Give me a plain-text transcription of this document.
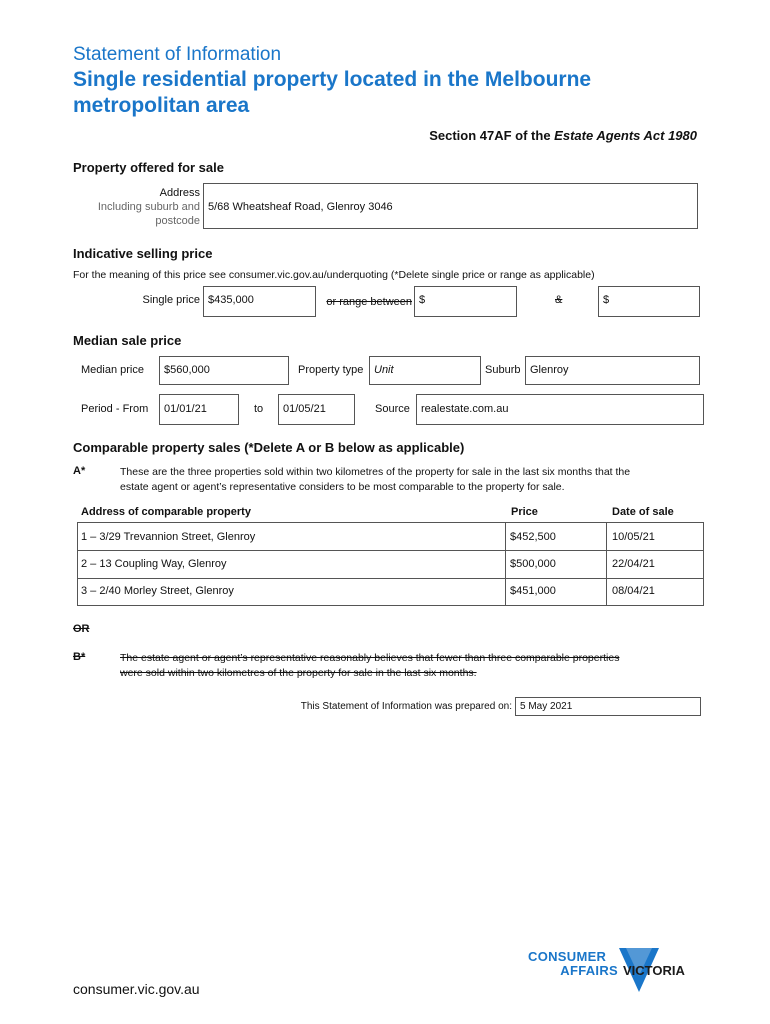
Statement of Information
Single residential property located in the Melbourne
metropolitan area
Section 47AF of the Estate Agents Act 1980
Property offered for sale
Address
Including suburb and
postcode
5/68 Wheatsheaf Road, Glenroy 3046
Indicative selling price
For the meaning of this price see consumer.vic.gov.au/underquoting (*Delete single price or range as applicable)
Single price $435,000	or range between $	&	$
Median sale price
Median price $560,000	Property type Unit	Suburb Glenroy
Period - From 01/01/21	to 01/05/21	Source realestate.com.au
Comparable property sales (*Delete A or B below as applicable)
A*	These are the three properties sold within two kilometres of the property for sale in the last six months that the
estate agent or agent’s representative considers to be most comparable to the property for sale.
Address of comparable property	Price	Date of sale
1 – 3/29 Trevannion Street, Glenroy	$452,500	10/05/21
2 – 13 Coupling Way, Glenroy	$500,000	22/04/21
3 – 2/40 Morley Street, Glenroy	$451,000	08/04/21
OR
B*	The estate agent or agent’s representative reasonably believes that fewer than three comparable properties
were sold within two kilometres of the property for sale in the last six months.
This Statement of Information was prepared on: 5 May 2021
consumer.vic.gov.au
CONSUMER
AFFAIRS VICTORIA
